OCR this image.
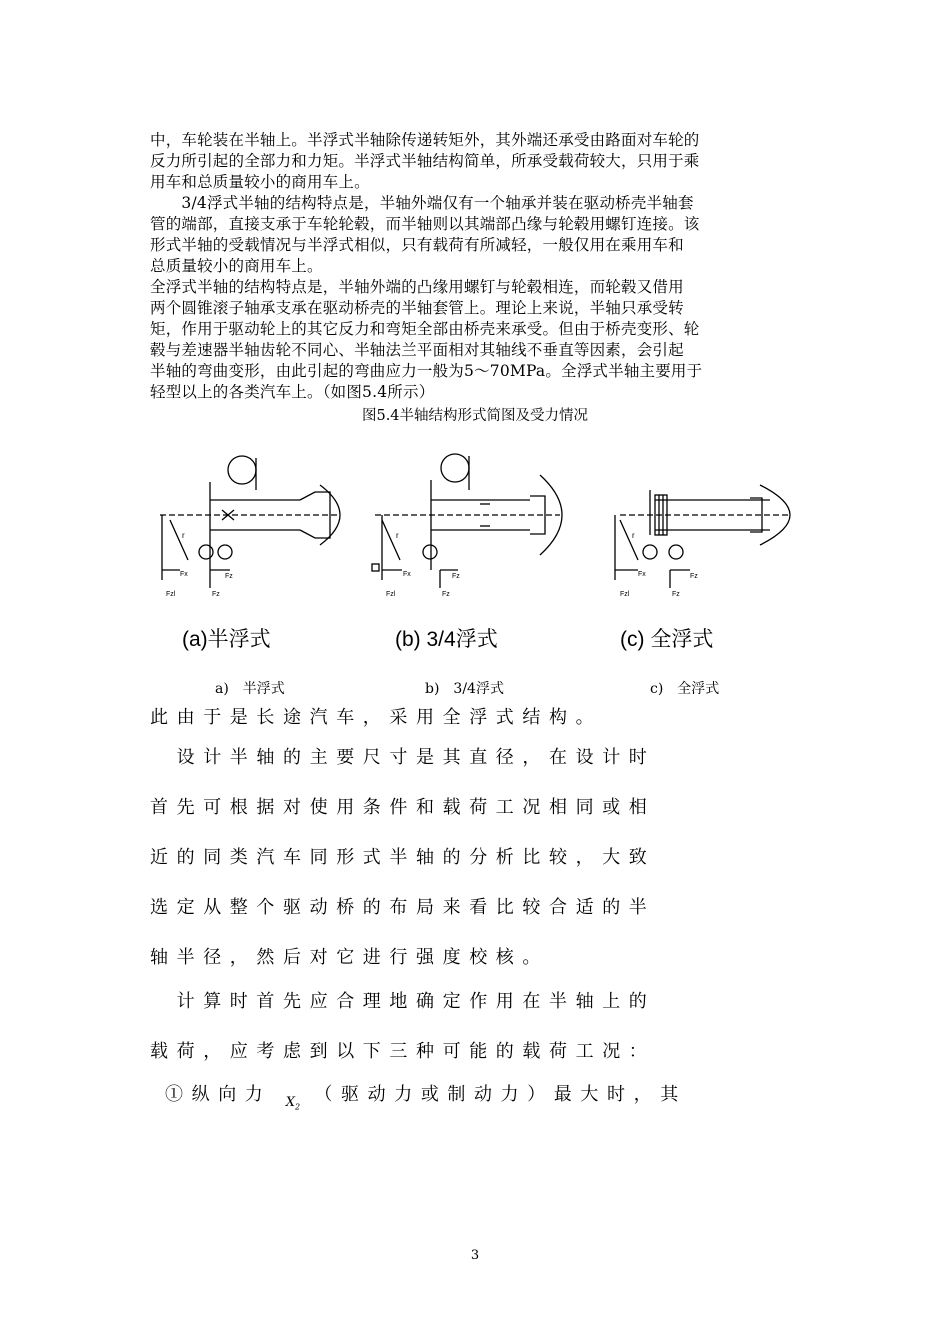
中，车轮装在半轴上。半浮式半轴除传递转矩外，其外端还承受由路面对车轮的
反力所引起的全部力和力矩。半浮式半轴结构简单，所承受载荷较大，只用于乘
用车和总质量较小的商用车上。
　　3/4浮式半轴的结构特点是，半轴外端仅有一个轴承并装在驱动桥壳半轴套
管的端部，直接支承于车轮轮毂，而半轴则以其端部凸缘与轮毂用螺钉连接。该
形式半轴的受载情况与半浮式相似，只有载荷有所减轻，一般仅用在乘用车和
总质量较小的商用车上。
全浮式半轴的结构特点是，半轴外端的凸缘用螺钉与轮毂相连，而轮毂又借用
两个圆锥滚子轴承支承在驱动桥壳的半轴套管上。理论上来说，半轴只承受转
矩，作用于驱动轮上的其它反力和弯矩全部由桥壳来承受。但由于桥壳变形、轮
毂与差速器半轴齿轮不同心、半轴法兰平面相对其轴线不垂直等因素，会引起
半轴的弯曲变形，由此引起的弯曲应力一般为5～70MPa。全浮式半轴主要用于
轻型以上的各类汽车上。（如图5.4所示）
图5.4半轴结构形式简图及受力情况
r
Fx	Fz
Fzl	Fz
r
Fx	Fz
Fzl	Fz
r
Fx	Fz
Fzl	Fz
(a)半浮式	(b) 3/4浮式	(c) 全浮式
a)　半浮式	b)　3/4浮式	c)　全浮式
此由于是长途汽车，采用全浮式结构。
　设计半轴的主要尺寸是其直径，在设计时
首先可根据对使用条件和载荷工况相同或相
近的同类汽车同形式半轴的分析比较，大致
选定从整个驱动桥的布局来看比较合适的半
轴半径，然后对它进行强度校核。
　计算时首先应合理地确定作用在半轴上的
载荷，应考虑到以下三种可能的载荷工况：
①纵向力 $_{X_2}$ （驱动力或制动力）最大时，其
3
